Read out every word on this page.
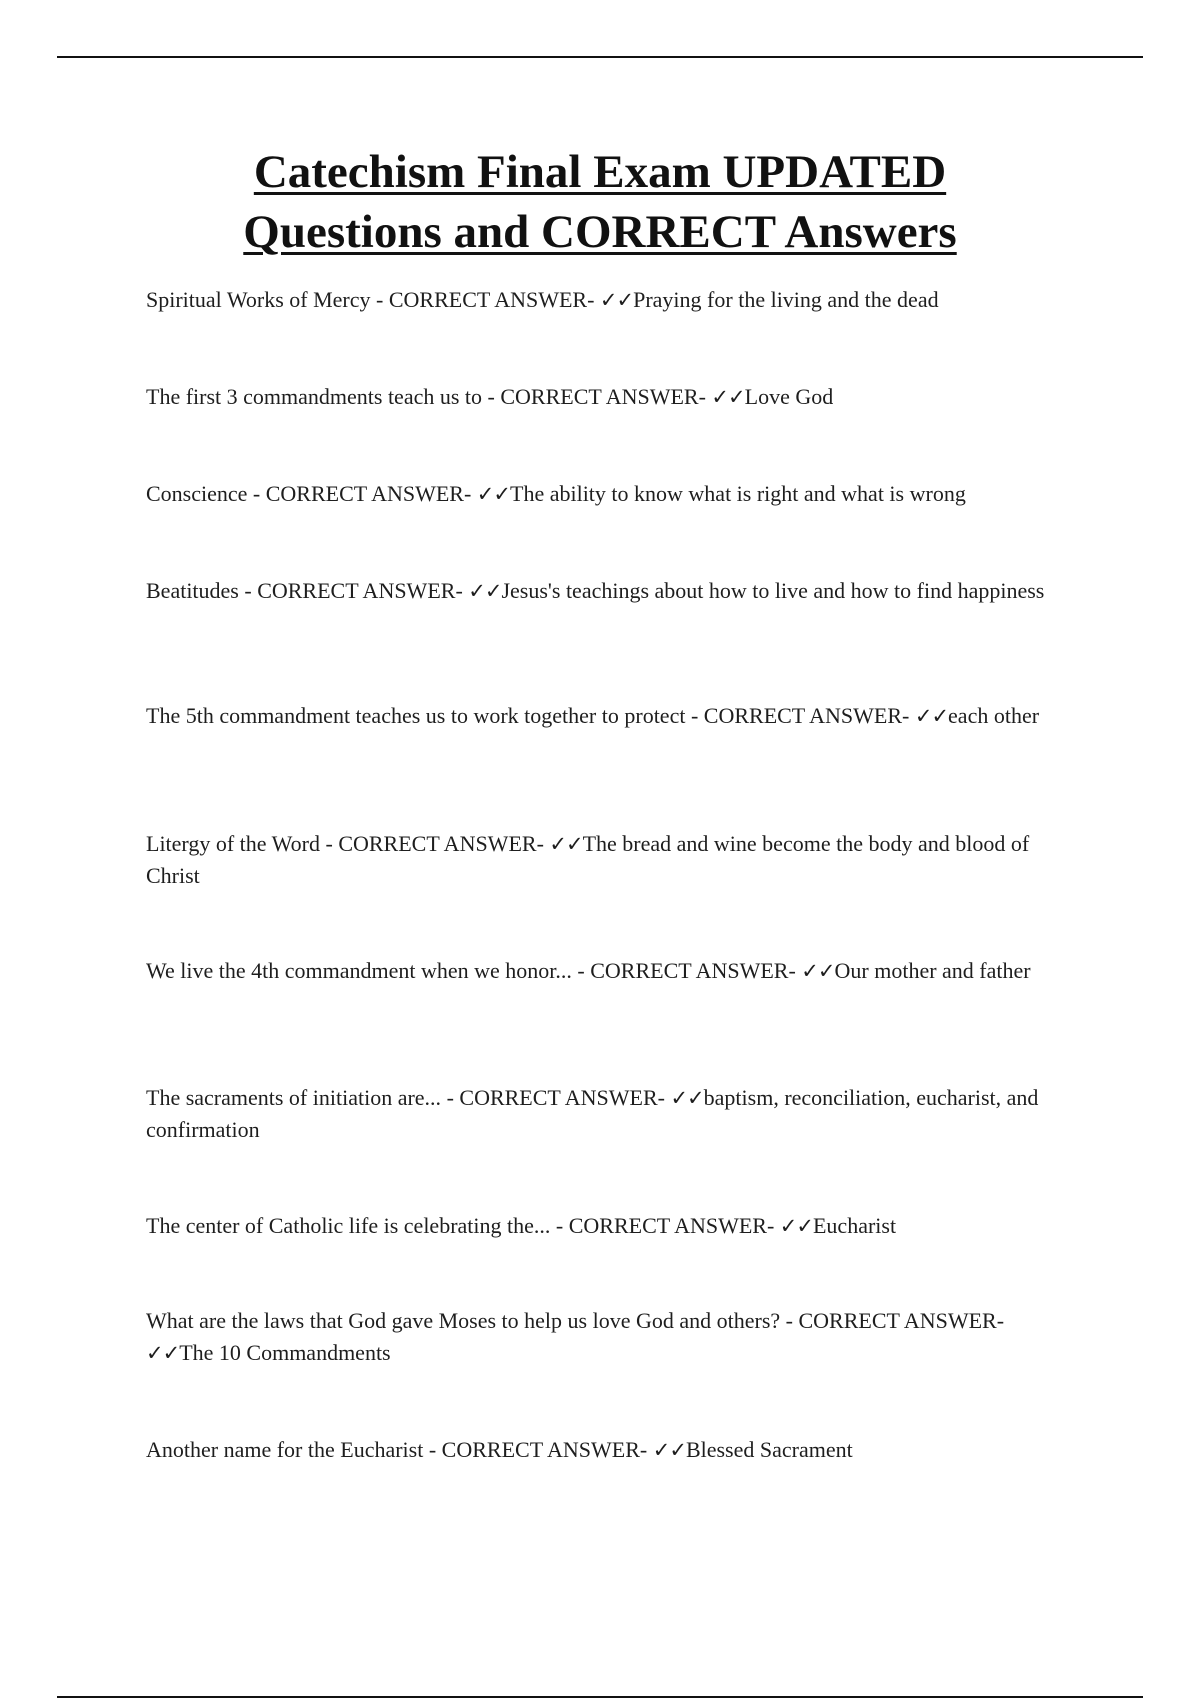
Catechism Final Exam UPDATED
Questions and CORRECT Answers

Spiritual Works of Mercy - CORRECT ANSWER- ✓✓Praying for the living and the dead

The first 3 commandments teach us to - CORRECT ANSWER- ✓✓Love God

Conscience - CORRECT ANSWER- ✓✓The ability to know what is right and what is wrong

Beatitudes - CORRECT ANSWER- ✓✓Jesus's teachings about how to live and how to find happiness

The 5th commandment teaches us to work together to protect - CORRECT ANSWER- ✓✓each other

Litergy of the Word - CORRECT ANSWER- ✓✓The bread and wine become the body and blood of Christ

We live the 4th commandment when we honor... - CORRECT ANSWER- ✓✓Our mother and father

The sacraments of initiation are... - CORRECT ANSWER- ✓✓baptism, reconciliation, eucharist, and confirmation

The center of Catholic life is celebrating the... - CORRECT ANSWER- ✓✓Eucharist

What are the laws that God gave Moses to help us love God and others? - CORRECT ANSWER- ✓✓The 10 Commandments

Another name for the Eucharist - CORRECT ANSWER- ✓✓Blessed Sacrament
